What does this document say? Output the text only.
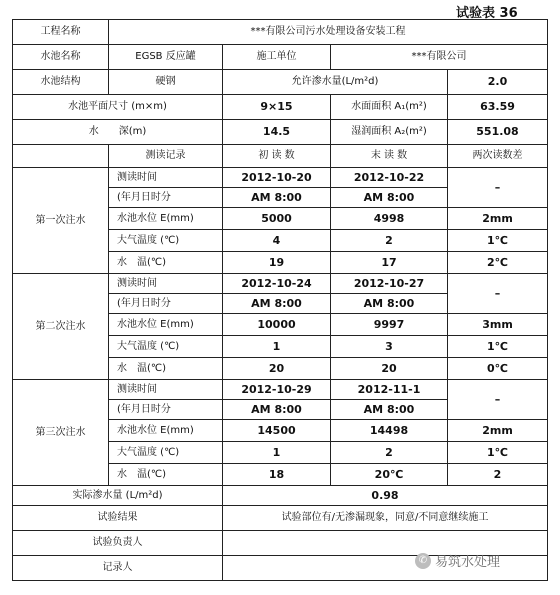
试验表 36
工程名称	***有限公司污水处理设备安装工程			
水池名称	EGSB 反应罐	施工单位	***有限公司	
水池结构	硬钢	允许渗水量(L/m²d)		2.0
水池平面尺寸 (m×m)		9×15	水面面积 A₁(m²)	63.59
水　　深(m)		14.5	湿润面积 A₂(m²)	551.08
	测读记录	初 读 数	末 读 数	两次读数差
第一次注水	测读时间	2012-10-20	2012-10-22	–
	(年月日时分	AM 8:00	AM 8:00	
	水池水位 E(mm)	5000	4998	2mm
	大气温度 (℃)	4	2	1℃
	水　温(℃)	19	17	2℃

第二次注水	测读时间	2012-10-24	2012-10-27	–
	(年月日时分	AM 8:00	AM 8:00	
	水池水位 E(mm)	10000	9997	3mm
	大气温度 (℃)	1	3	1℃
	水　温(℃)	20	20	0℃

第三次注水	测读时间	2012-10-29	2012-11-1	–
	(年月日时分	AM 8:00	AM 8:00	
	水池水位 E(mm)	14500	14498	2mm
	大气温度 (℃)	1	2	1℃
	水　温(℃)	18	20℃	2

实际渗水量 (L/m²d)		0.98		
试验结果		试验部位有/无渗漏现象，同意/不同意继续施工		
试验负责人				
记录人				
✆ 易筑水处理
